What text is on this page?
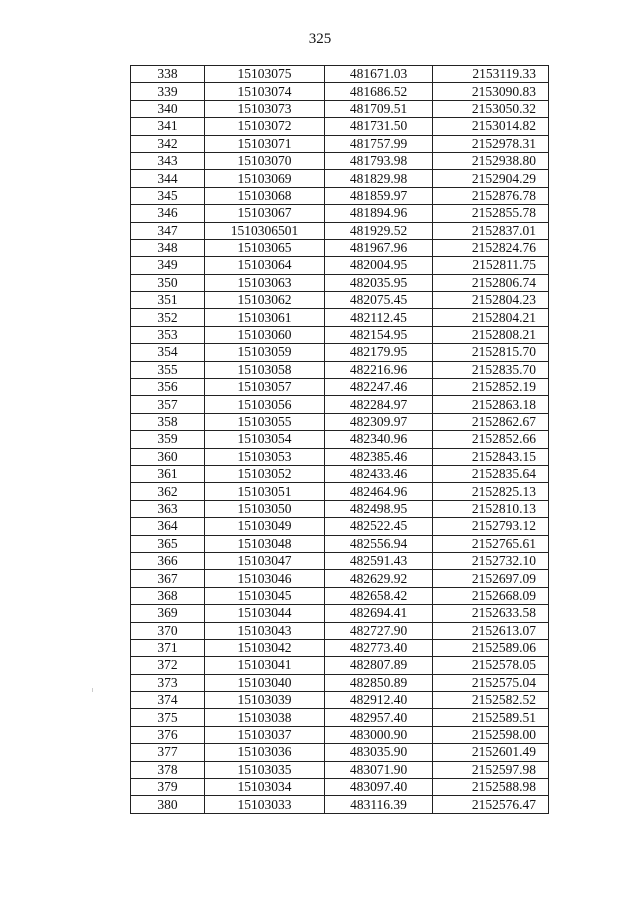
325
338	15103075	481671.03	2153119.33
339	15103074	481686.52	2153090.83
340	15103073	481709.51	2153050.32
341	15103072	481731.50	2153014.82
342	15103071	481757.99	2152978.31
343	15103070	481793.98	2152938.80
344	15103069	481829.98	2152904.29
345	15103068	481859.97	2152876.78
346	15103067	481894.96	2152855.78
347	1510306501	481929.52	2152837.01
348	15103065	481967.96	2152824.76
349	15103064	482004.95	2152811.75
350	15103063	482035.95	2152806.74
351	15103062	482075.45	2152804.23
352	15103061	482112.45	2152804.21
353	15103060	482154.95	2152808.21
354	15103059	482179.95	2152815.70
355	15103058	482216.96	2152835.70
356	15103057	482247.46	2152852.19
357	15103056	482284.97	2152863.18
358	15103055	482309.97	2152862.67
359	15103054	482340.96	2152852.66
360	15103053	482385.46	2152843.15
361	15103052	482433.46	2152835.64
362	15103051	482464.96	2152825.13
363	15103050	482498.95	2152810.13
364	15103049	482522.45	2152793.12
365	15103048	482556.94	2152765.61
366	15103047	482591.43	2152732.10
367	15103046	482629.92	2152697.09
368	15103045	482658.42	2152668.09
369	15103044	482694.41	2152633.58
370	15103043	482727.90	2152613.07
371	15103042	482773.40	2152589.06
372	15103041	482807.89	2152578.05
373	15103040	482850.89	2152575.04
374	15103039	482912.40	2152582.52
375	15103038	482957.40	2152589.51
376	15103037	483000.90	2152598.00
377	15103036	483035.90	2152601.49
378	15103035	483071.90	2152597.98
379	15103034	483097.40	2152588.98
380	15103033	483116.39	2152576.47
